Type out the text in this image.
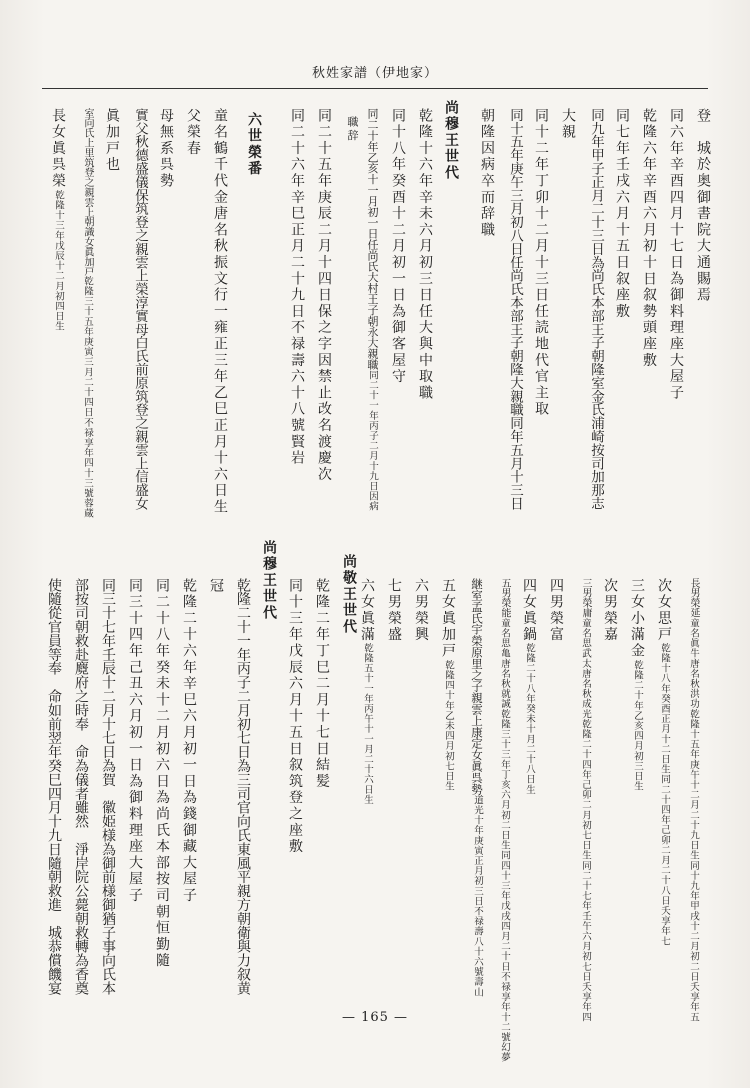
秋姓家譜（伊地家）
登　城於奥御書院大通賜焉
同六年辛酉四月十七日為御料理座大屋子
乾隆六年辛酉六月初十日叙勢頭座敷
同七年壬戌六月十五日叙座敷
同九年甲子正月二十三日為尚氏本部王子朝隆室金氏浦崎按司加那志
大親
同十二年丁卯十二月十三日任読地代官主取
同十五年庚午三月初八日任尚氏本部王子朝隆大親職同年五月十三日
朝隆因病卒而辞職
尚穆王世代
乾隆十六年辛未六月初三日任大與中取職
同十八年癸酉十二月初一日為御客屋守
同二十年乙亥十一月初一日任尚氏大村王子朝永大親職同二十一年丙子二月十九日因病
職辞
同二十五年庚辰二月十四日保之字因禁止改名渡慶次
同二十六年辛巳正月二十九日不禄壽六十八號賢岩
六世榮番
童名鶴千代金唐名秋振文行一雍正三年乙巳正月十六日生
父榮春
母無系呉勢
實父秋德盛儀保筑登之親雲上榮淳實母白氏前原筑登之親雲上信盛女
眞加戸也
室向氏上里筑登之親雲上朝識女眞加戸乾隆三十五年庚寅三月二十四日不禄享年四十三號蓉蔵
長女眞呉榮乾隆十三年戊辰十二月初四日生
長男榮延童名眞牛唐名秋洪功乾隆十五年庚午十二月二十九日生同十九年甲戌十二月初二日夭享年五
次女思戸乾隆十八年癸酉正月十二日生同二十四年己卯二月二十八日夭享年七
三女小滿金乾隆二十年乙亥四月初三日生
次男榮嘉
三男榮庸童名思武太唐名秋成光乾隆二十四年己卯二月初七日生同二十七年壬午六月初七日夭享年四
四男榮富
四女眞鍋乾隆二十八年癸未十月二十八日生
五男榮能童名思亀唐名秋就誠乾隆三十三年丁亥六月初二日生同四十三年戊戌四月二十日不禄享年十二號幻夢
継室孟氏宇榮原里之子親雲上康定女眞呉勢道光十年庚寅正月初三日不禄壽八十六號壽山
五女眞加戸乾隆四十年乙未四月初七日生
六男榮興
七男榮盛
六女眞滿乾隆五十一年丙午十一月二十六日生
尚敬王世代
乾隆二年丁巳二月十七日結髪
同十三年戊辰六月十五日叙筑登之座敷
尚穆王世代
乾隆二十一年丙子二月初七日為三司官向氏東風平親方朝衛與力叙黄
冠
乾隆二十六年辛巳六月初一日為錢御藏大屋子
同二十八年癸未十二月初六日為尚氏本部按司朝恒勤隨
同三十四年己丑六月初一日為御料理座大屋子
同三十七年壬辰十二月十七日為賀　徽姫様為御前様御猶子事向氏本
部按司朝救赴麑府之時奉　命為儀者雖然　淨岸院公薨朝救轉為香奠
使隨從官員等奉　命如前翌年癸巳四月十九日隨朝救進　城恭償饑宴
— 165 —
